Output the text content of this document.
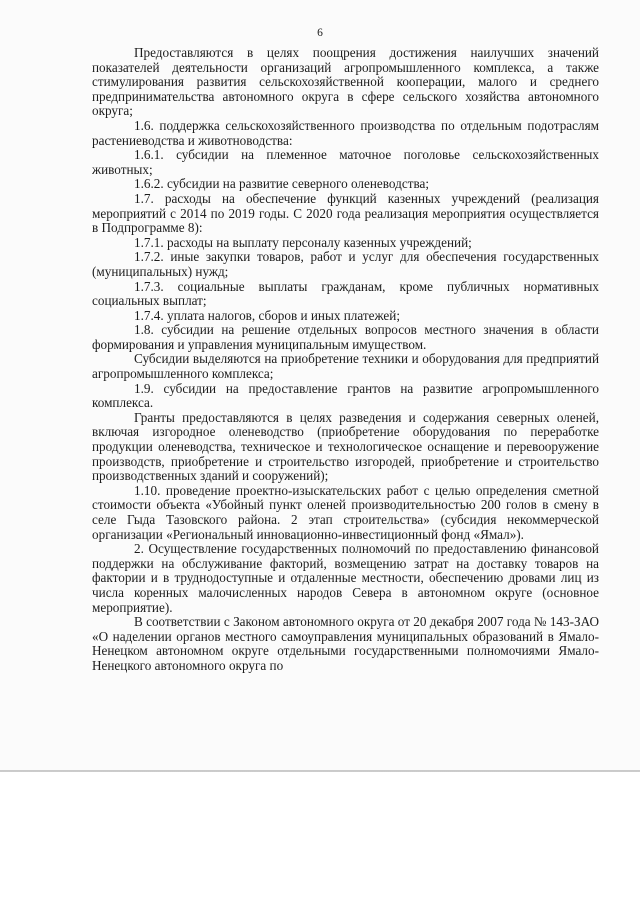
6

Предоставляются в целях поощрения достижения наилучших значений показателей деятельности организаций агропромышленного комплекса, а также стимулирования развития сельскохозяйственной кооперации, малого и среднего предпринимательства автономного округа в сфере сельского хозяйства автономного округа;

1.6. поддержка сельскохозяйственного производства по отдельным подотраслям растениеводства и животноводства:

1.6.1. субсидии на племенное маточное поголовье сельскохозяйственных животных;

1.6.2. субсидии на развитие северного оленеводства;

1.7. расходы на обеспечение функций казенных учреждений (реализация мероприятий с 2014 по 2019 годы. С 2020 года реализация мероприятия осуществляется в Подпрограмме 8):

1.7.1. расходы на выплату персоналу казенных учреждений;

1.7.2. иные закупки товаров, работ и услуг для обеспечения государственных (муниципальных) нужд;

1.7.3. социальные выплаты гражданам, кроме публичных нормативных социальных выплат;

1.7.4. уплата налогов, сборов и иных платежей;

1.8. субсидии на решение отдельных вопросов местного значения в области формирования и управления муниципальным имуществом.

Субсидии выделяются на приобретение техники и оборудования для предприятий агропромышленного комплекса;

1.9. субсидии на предоставление грантов на развитие агропромышленного комплекса.

Гранты предоставляются в целях разведения и содержания северных оленей, включая изгородное оленеводство (приобретение оборудования по переработке продукции оленеводства, техническое и технологическое оснащение и перевооружение производств, приобретение и строительство изгородей, приобретение и строительство производственных зданий и сооружений);

1.10. проведение проектно-изыскательских работ с целью определения сметной стоимости объекта «Убойный пункт оленей производительностью 200 голов в смену в селе Гыда Тазовского района. 2 этап строительства» (субсидия некоммерческой организации «Региональный инновационно-инвестиционный фонд «Ямал»).

2. Осуществление государственных полномочий по предоставлению финансовой поддержки на обслуживание факторий, возмещению затрат на доставку товаров на фактории и в труднодоступные и отдаленные местности, обеспечению дровами лиц из числа коренных малочисленных народов Севера в автономном округе (основное мероприятие).

В соответствии с Законом автономного округа от 20 декабря 2007 года № 143-ЗАО «О наделении органов местного самоуправления муниципальных образований в Ямало-Ненецком автономном округе отдельными государственными полномочиями Ямало-Ненецкого автономного округа по
